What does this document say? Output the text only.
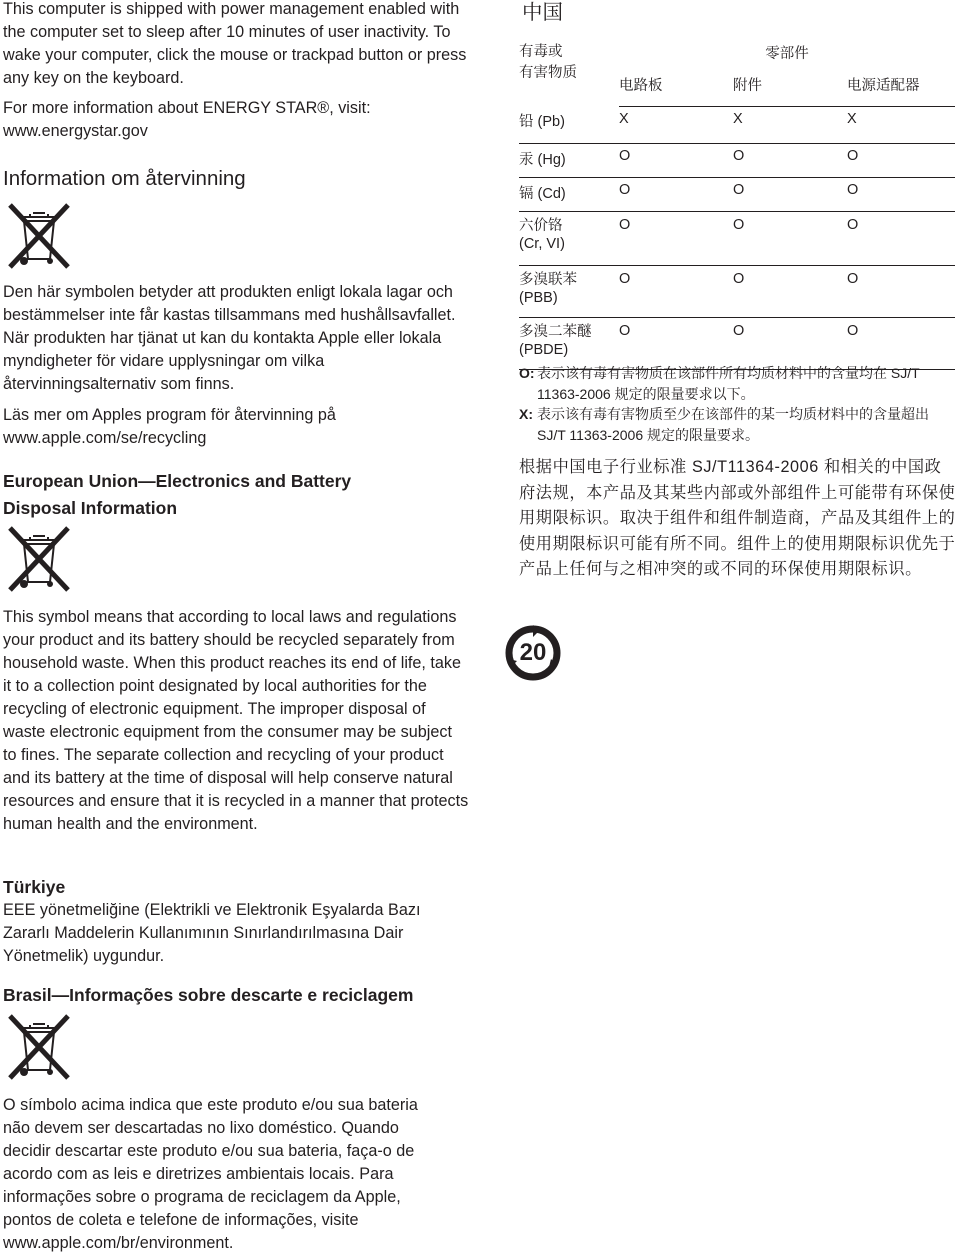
This computer is shipped with power management enabled with the computer set to sleep after 10 minutes of user inactivity. To wake your computer, click the mouse or trackpad button or press any key on the keyboard.

For more information about ENERGY STAR®, visit: www.energystar.gov

Information om återvinning

Den här symbolen betyder att produkten enligt lokala lagar och bestämmelser inte får kastas tillsammans med hushållsavfallet. När produkten har tjänat ut kan du kontakta Apple eller lokala myndigheter för vidare upplysningar om vilka återvinningsalternativ som finns.

Läs mer om Apples program för återvinning på www.apple.com/se/recycling

European Union—Electronics and Battery Disposal Information

This symbol means that according to local laws and regulations your product and its battery should be recycled separately from household waste. When this product reaches its end of life, take it to a collection point designated by local authorities for the recycling of electronic equipment. The improper disposal of waste electronic equipment from the consumer may be subject to fines. The separate collection and recycling of your product and its battery at the time of disposal will help conserve natural resources and ensure that it is recycled in a manner that protects human health and the environment.

Türkiye

EEE yönetmeliğine (Elektrikli ve Elektronik Eşyalarda Bazı Zararlı Maddelerin Kullanımının Sınırlandırılmasına Dair Yönetmelik) uygundur.

Brasil—Informações sobre descarte e reciclagem

O símbolo acima indica que este produto e/ou sua bateria não devem ser descartadas no lixo doméstico. Quando decidir descartar este produto e/ou sua bateria, faça-o de acordo com as leis e diretrizes ambientais locais. Para informações sobre o programa de reciclagem da Apple, pontos de coleta e telefone de informações, visite www.apple.com/br/environment.

中国
有毒或
有害物质	零部件		
	电路板	附件	电源适配器
铅 (Pb)	X	X	X
汞 (Hg)	O	O	O
镉 (Cd)	O	O	O
六价铬
(Cr, VI)	O	O	O
多溴联苯
(PBB)	O	O	O
多溴二苯醚
(PBDE)	O	O	O
O: 表示该有毒有害物质在该部件所有均质材料中的含量均在 SJ/T 11363-2006 规定的限量要求以下。
X: 表示该有毒有害物质至少在该部件的某一均质材料中的含量超出 SJ/T 11363-2006 规定的限量要求。

根据中国电子行业标准 SJ/T11364-2006 和相关的中国政府法规，本产品及其某些内部或外部组件上可能带有环保使用期限标识。取决于组件和组件制造商，产品及其组件上的使用期限标识可能有所不同。组件上的使用期限标识优先于产品上任何与之相冲突的或不同的环保使用期限标识。

20
